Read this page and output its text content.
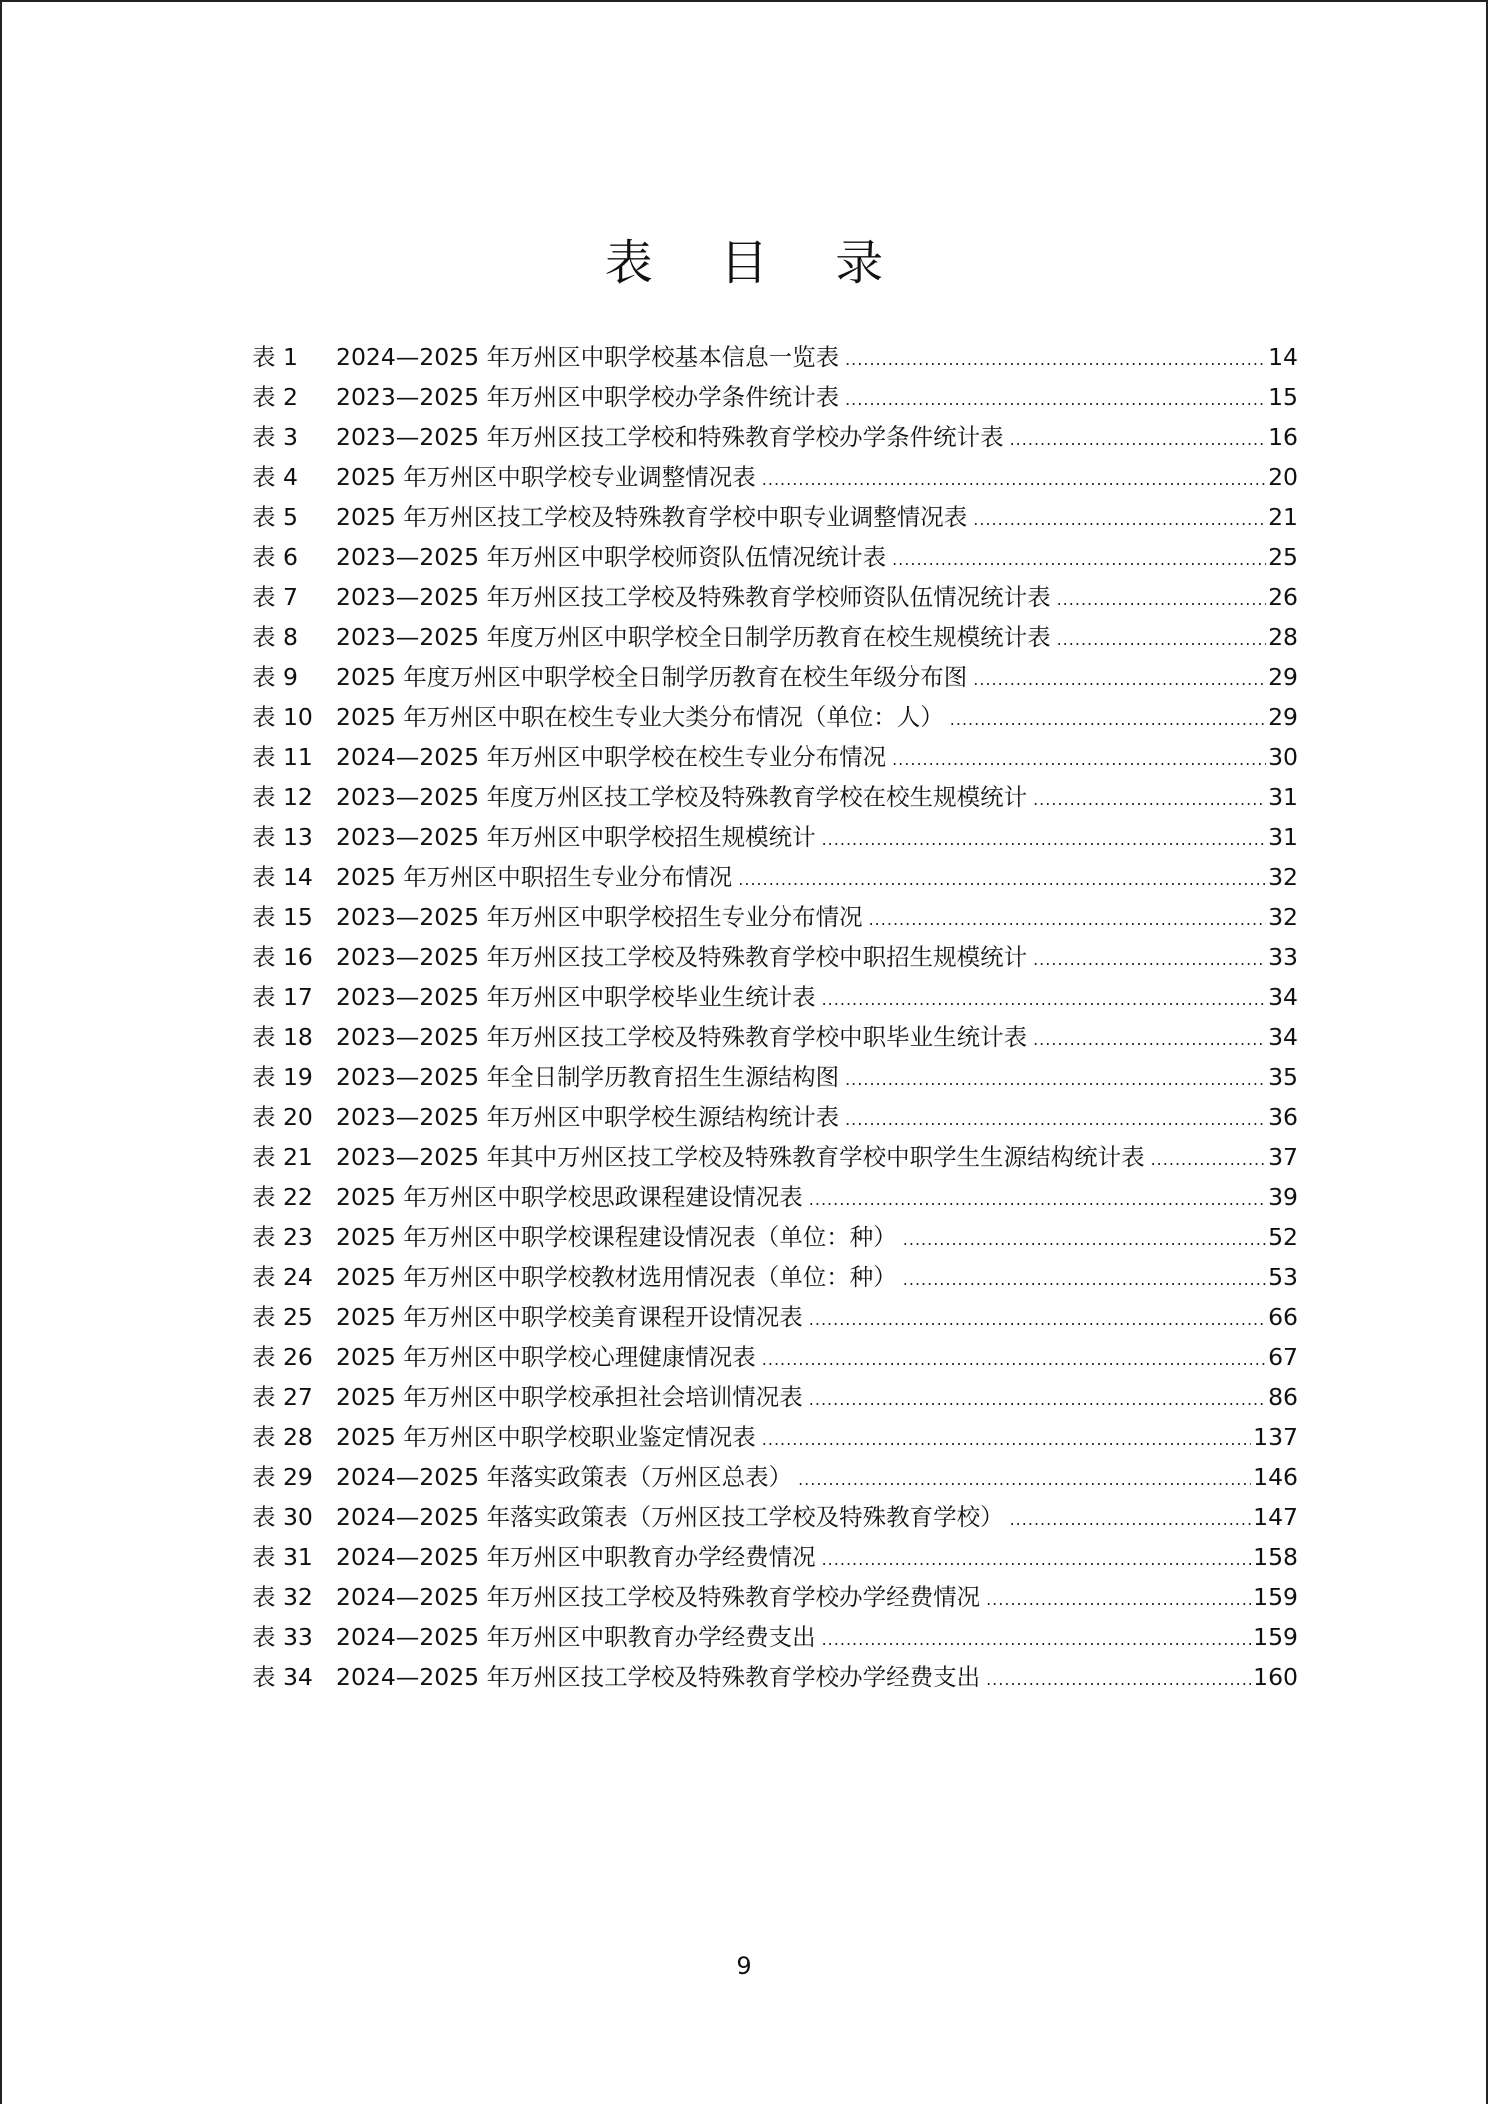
表 目 录
表 1	2024—2025 年万州区中职学校基本信息一览表 .....	14
表 2	2023—2025 年万州区中职学校办学条件统计表 .....	15
表 3	2023—2025 年万州区技工学校和特殊教育学校办学条件统计表 .....	16
表 4	2025 年万州区中职学校专业调整情况表 .....	20
表 5	2025 年万州区技工学校及特殊教育学校中职专业调整情况表 .....	21
表 6	2023—2025 年万州区中职学校师资队伍情况统计表 .....	25
表 7	2023—2025 年万州区技工学校及特殊教育学校师资队伍情况统计表 .....	26
表 8	2023—2025 年度万州区中职学校全日制学历教育在校生规模统计表 .....	28
表 9	2025 年度万州区中职学校全日制学历教育在校生年级分布图 .....	29
表 10 2025 年万州区中职在校生专业大类分布情况（单位：人） .....	29
表 11 2024—2025 年万州区中职学校在校生专业分布情况 .....	30
表 12 2023—2025 年度万州区技工学校及特殊教育学校在校生规模统计 .....	31
表 13 2023—2025 年万州区中职学校招生规模统计 .....	31
表 14 2025 年万州区中职招生专业分布情况 .....	32
表 15 2023—2025 年万州区中职学校招生专业分布情况 .....	32
表 16 2023—2025 年万州区技工学校及特殊教育学校中职招生规模统计 .....	33
表 17 2023—2025 年万州区中职学校毕业生统计表 .....	34
表 18 2023—2025 年万州区技工学校及特殊教育学校中职毕业生统计表 .....	34
表 19 2023—2025 年全日制学历教育招生生源结构图 .....	35
表 20 2023—2025 年万州区中职学校生源结构统计表 .....	36
表 21 2023—2025 年其中万州区技工学校及特殊教育学校中职学生生源结构统计表 .....	37
表 22 2025 年万州区中职学校思政课程建设情况表 .....	39
表 23 2025 年万州区中职学校课程建设情况表（单位：种） .....	52
表 24 2025 年万州区中职学校教材选用情况表（单位：种） .....	53
表 25 2025 年万州区中职学校美育课程开设情况表 .....	66
表 26 2025 年万州区中职学校心理健康情况表 .....	67
表 27 2025 年万州区中职学校承担社会培训情况表 .....	86
表 28 2025 年万州区中职学校职业鉴定情况表 .....	137
表 29 2024—2025 年落实政策表（万州区总表） .....	146
表 30 2024—2025 年落实政策表（万州区技工学校及特殊教育学校） .....	147
表 31 2024—2025 年万州区中职教育办学经费情况 .....	158
表 32 2024—2025 年万州区技工学校及特殊教育学校办学经费情况 .....	159
表 33 2024—2025 年万州区中职教育办学经费支出 .....	159
表 34 2024—2025 年万州区技工学校及特殊教育学校办学经费支出 .....	160
9
